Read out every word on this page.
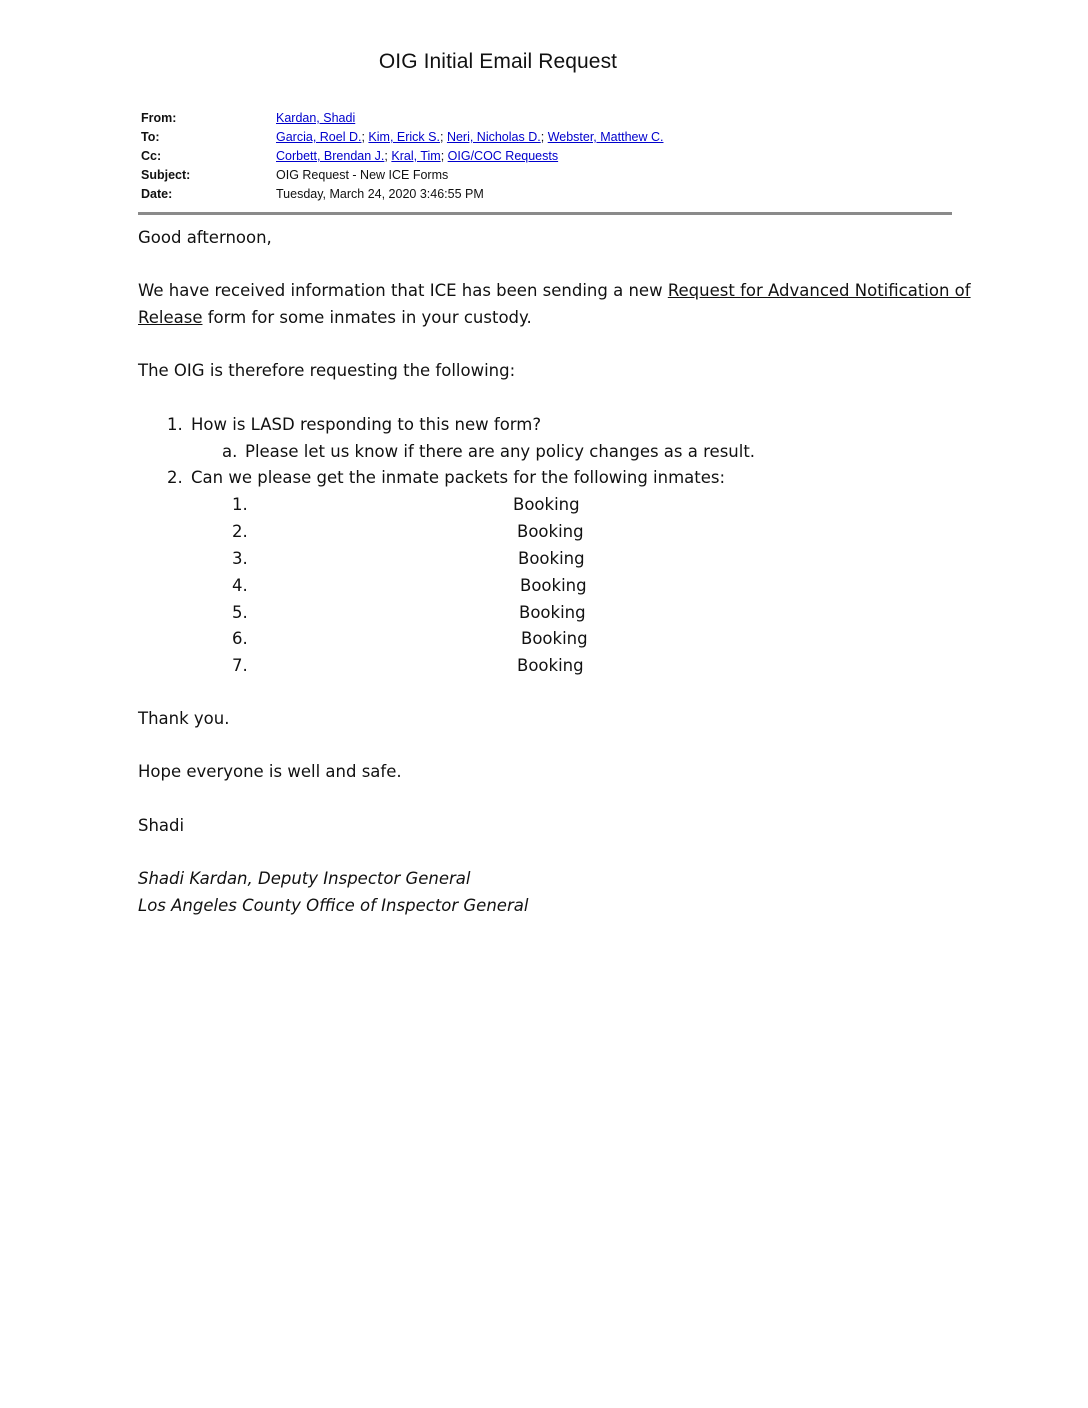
OIG Initial Email Request
From:	Kardan, Shadi
To:	Garcia, Roel D.; Kim, Erick S.; Neri, Nicholas D.; Webster, Matthew C.
Cc:	Corbett, Brendan J.; Kral, Tim; OIG/COC Requests
Subject:	OIG Request - New ICE Forms
Date:	Tuesday, March 24, 2020 3:46:55 PM
Good afternoon,
We have received information that ICE has been sending a new Request for Advanced Notification of
Release form for some inmates in your custody.
The OIG is therefore requesting the following:
1. How is LASD responding to this new form?
a. Please let us know if there are any policy changes as a result.
2. Can we please get the inmate packets for the following inmates:
1.	Booking
2.	Booking
3.	Booking
4.	Booking
5.	Booking
6.	Booking
7.	Booking
Thank you.
Hope everyone is well and safe.
Shadi
Shadi Kardan, Deputy Inspector General
Los Angeles County Office of Inspector General
